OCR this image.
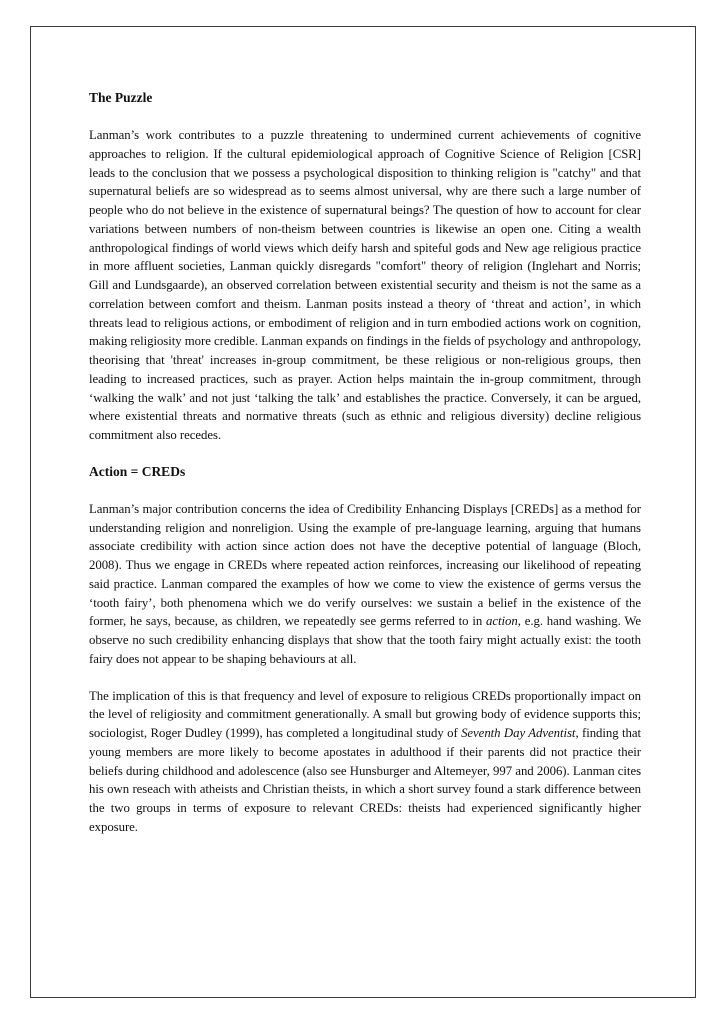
The Puzzle

Lanman’s work contributes to a puzzle threatening to undermined current achievements of cognitive approaches to religion. If the cultural epidemiological approach of Cognitive Science of Religion [CSR] leads to the conclusion that we possess a psychological disposition to thinking religion is "catchy" and that supernatural beliefs are so widespread as to seems almost universal, why are there such a large number of people who do not believe in the existence of supernatural beings? The question of how to account for clear variations between numbers of non-theism between countries is likewise an open one. Citing a wealth anthropological findings of world views which deify harsh and spiteful gods and New age religious practice in more affluent societies, Lanman quickly disregards "comfort" theory of religion (Inglehart and Norris; Gill and Lundsgaarde), an observed correlation between existential security and theism is not the same as a correlation between comfort and theism. Lanman posits instead a theory of ‘threat and action’, in which threats lead to religious actions, or embodiment of religion and in turn embodied actions work on cognition, making religiosity more credible. Lanman expands on findings in the fields of psychology and anthropology, theorising that 'threat' increases in-group commitment, be these religious or non-religious groups, then leading to increased practices, such as prayer. Action helps maintain the in-group commitment, through ‘walking the walk’ and not just ‘talking the talk’ and establishes the practice. Conversely, it can be argued, where existential threats and normative threats (such as ethnic and religious diversity) decline religious commitment also recedes.

Action = CREDs

Lanman’s major contribution concerns the idea of Credibility Enhancing Displays [CREDs] as a method for understanding religion and nonreligion. Using the example of pre-language learning, arguing that humans associate credibility with action since action does not have the deceptive potential of language (Bloch, 2008). Thus we engage in CREDs where repeated action reinforces, increasing our likelihood of repeating said practice. Lanman compared the examples of how we come to view the existence of germs versus the ‘tooth fairy’, both phenomena which we do verify ourselves: we sustain a belief in the existence of the former, he says, because, as children, we repeatedly see germs referred to in action, e.g. hand washing. We observe no such credibility enhancing displays that show that the tooth fairy might actually exist: the tooth fairy does not appear to be shaping behaviours at all.

The implication of this is that frequency and level of exposure to religious CREDs proportionally impact on the level of religiosity and commitment generationally. A small but growing body of evidence supports this; sociologist, Roger Dudley (1999), has completed a longitudinal study of Seventh Day Adventist, finding that young members are more likely to become apostates in adulthood if their parents did not practice their beliefs during childhood and adolescence (also see Hunsburger and Altemeyer, 997 and 2006). Lanman cites his own reseach with atheists and Christian theists, in which a short survey found a stark difference between the two groups in terms of exposure to relevant CREDs: theists had experienced significantly higher exposure.
